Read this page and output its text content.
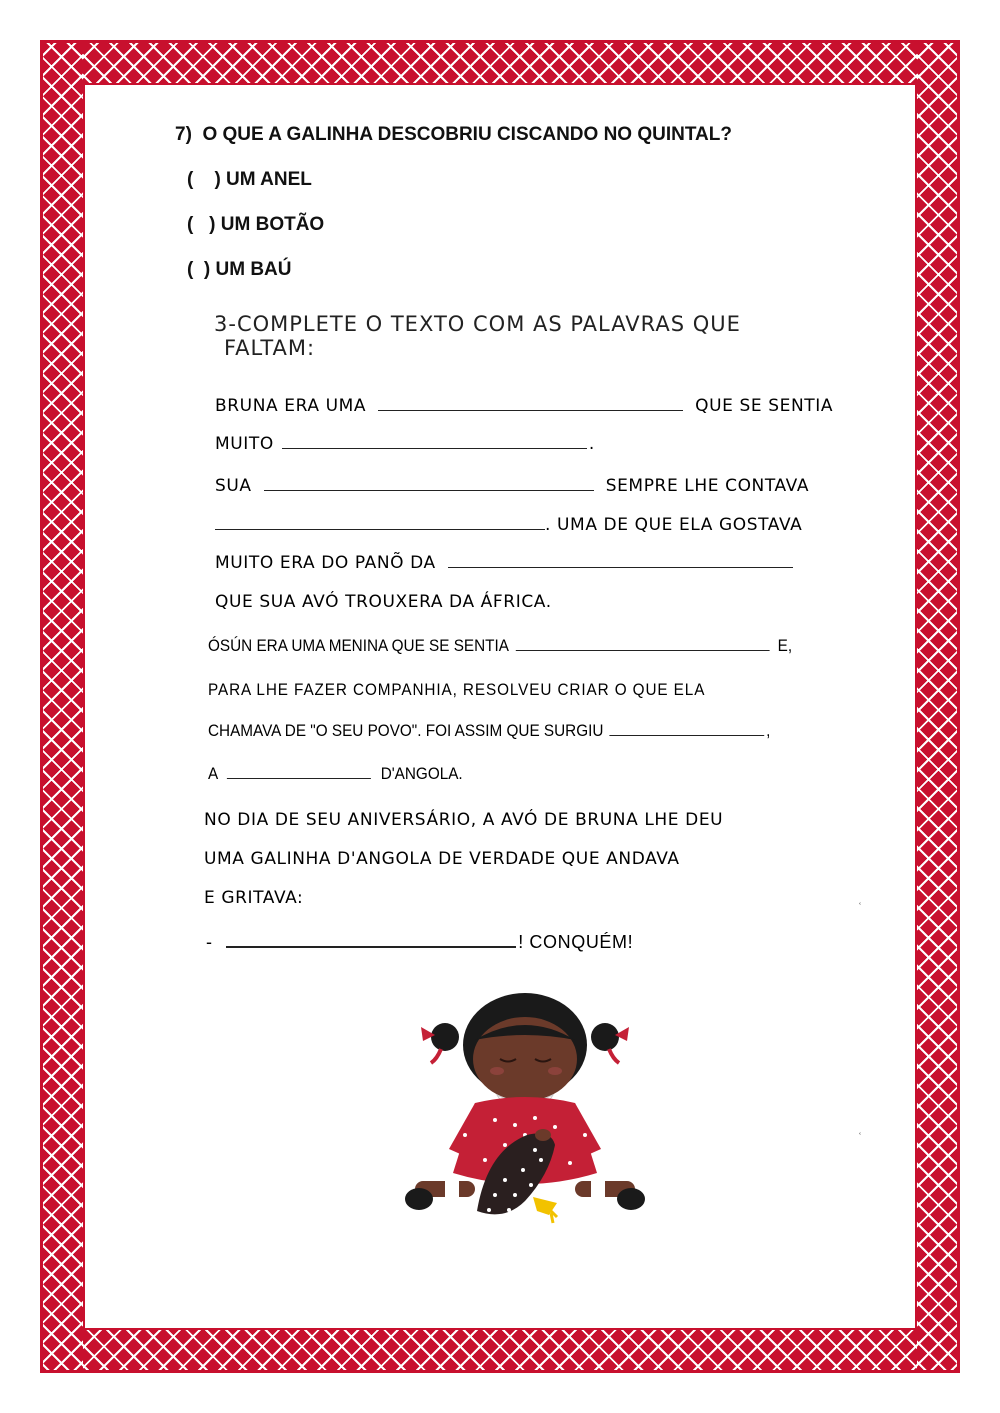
7)  O QUE A GALINHA DESCOBRIU CISCANDO NO QUINTAL?
(    ) UM ANEL
(   ) UM BOTÃO
(  ) UM BAÚ
3-COMPLETE O TEXTO COM AS PALAVRAS QUE
FALTAM:
BRUNA ERA UMA	QUE SE SENTIA
MUITO	.
SUA	SEMPRE LHE CONTAVA
. UMA DE QUE ELA GOSTAVA
MUITO ERA DO PANÕ DA
QUE SUA AVÓ TROUXERA DA ÁFRICA.
ÓSÚN ERA UMA MENINA QUE SE SENTIA	E,
PARA LHE FAZER COMPANHIA, RESOLVEU CRIAR O QUE ELA
CHAMAVA DE "O SEU POVO". FOI ASSIM QUE SURGIU	,
A	D'ANGOLA.
NO DIA DE SEU ANIVERSÁRIO, A AVÓ DE BRUNA LHE DEU
UMA GALINHA D'ANGOLA DE VERDADE QUE ANDAVA
E GRITAVA:
-	! CONQUÉM!
ʿ
ʿ
